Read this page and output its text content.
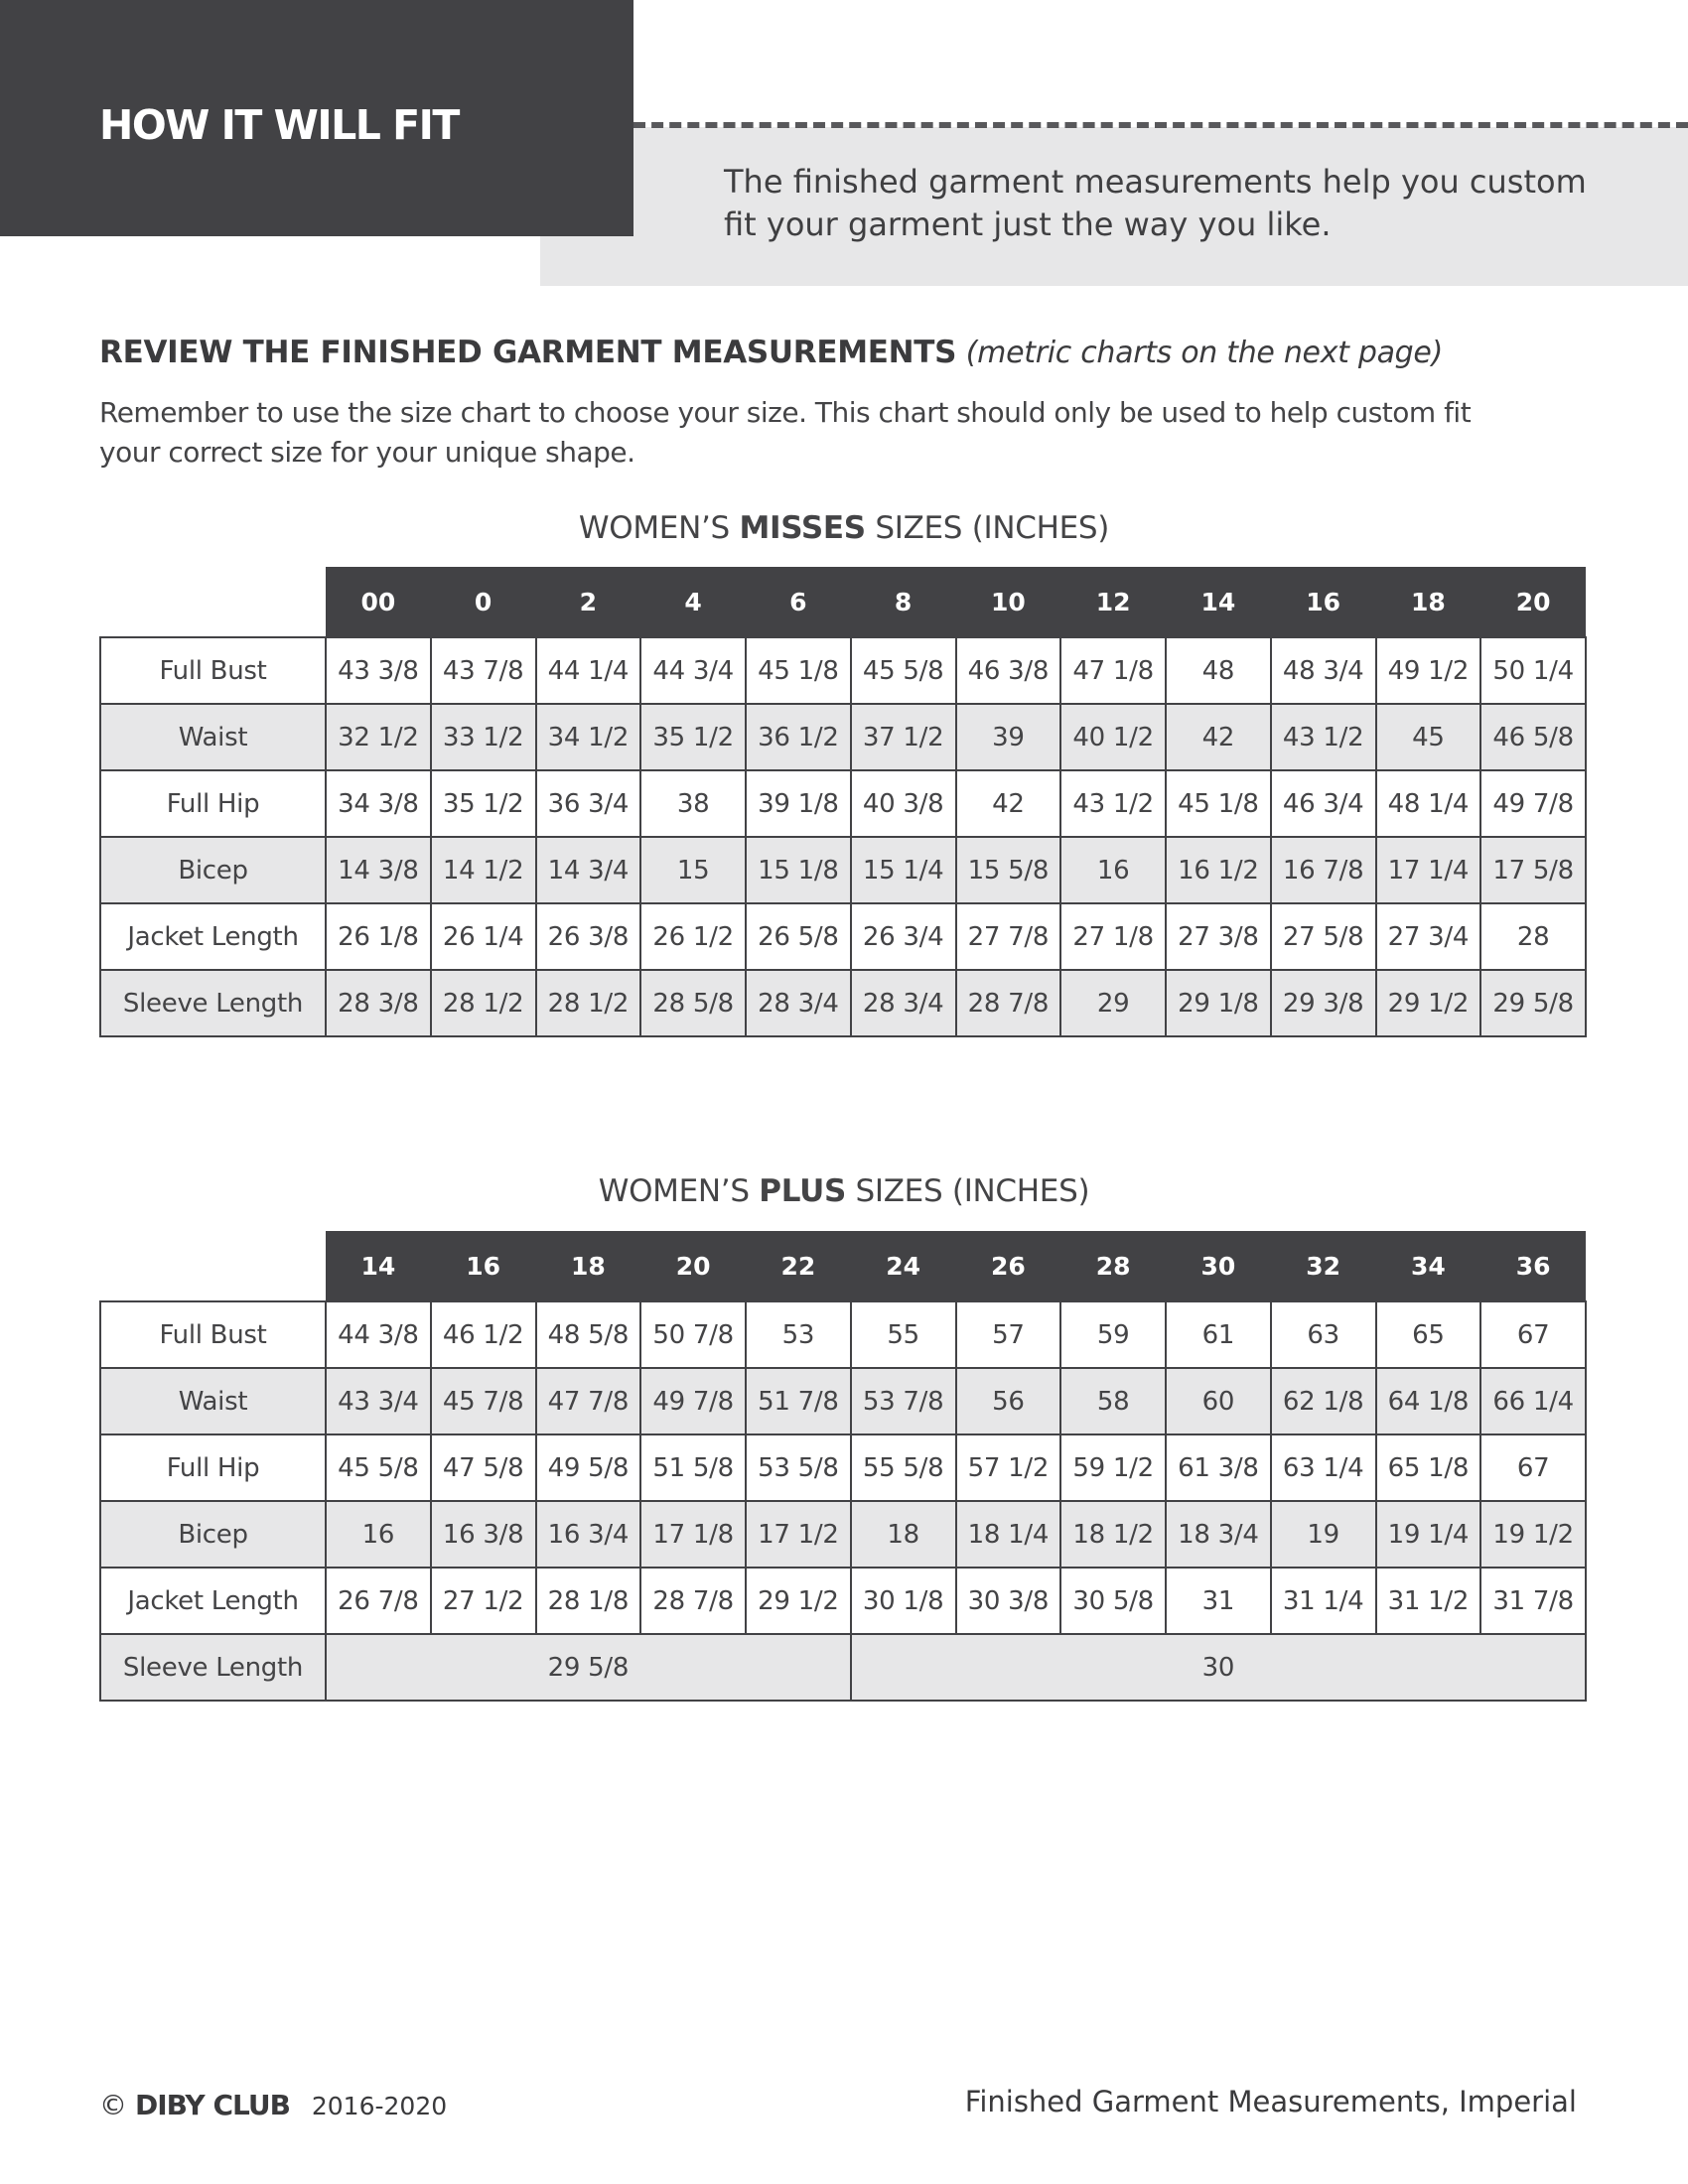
HOW IT WILL FIT
The finished garment measurements help you custom fit your garment just the way you like.
REVIEW THE FINISHED GARMENT MEASUREMENTS (metric charts on the next page)
Remember to use the size chart to choose your size. This chart should only be used to help custom fit your correct size for your unique shape.
WOMEN’S MISSES SIZES (INCHES)
	00	0	2	4	6	8	10	12	14	16	18	20
Full Bust	43 3/8	43 7/8	44 1/4	44 3/4	45 1/8	45 5/8	46 3/8	47 1/8	48	48 3/4	49 1/2	50 1/4
Waist	32 1/2	33 1/2	34 1/2	35 1/2	36 1/2	37 1/2	39	40 1/2	42	43 1/2	45	46 5/8
Full Hip	34 3/8	35 1/2	36 3/4	38	39 1/8	40 3/8	42	43 1/2	45 1/8	46 3/4	48 1/4	49 7/8
Bicep	14 3/8	14 1/2	14 3/4	15	15 1/8	15 1/4	15 5/8	16	16 1/2	16 7/8	17 1/4	17 5/8
Jacket Length	26 1/8	26 1/4	26 3/8	26 1/2	26 5/8	26 3/4	27 7/8	27 1/8	27 3/8	27 5/8	27 3/4	28
Sleeve Length	28 3/8	28 1/2	28 1/2	28 5/8	28 3/4	28 3/4	28 7/8	29	29 1/8	29 3/8	29 1/2	29 5/8
WOMEN’S PLUS SIZES (INCHES)
	14	16	18	20	22	24	26	28	30	32	34	36
Full Bust	44 3/8	46 1/2	48 5/8	50 7/8	53	55	57	59	61	63	65	67
Waist	43 3/4	45 7/8	47 7/8	49 7/8	51 7/8	53 7/8	56	58	60	62 1/8	64 1/8	66 1/4
Full Hip	45 5/8	47 5/8	49 5/8	51 5/8	53 5/8	55 5/8	57 1/2	59 1/2	61 3/8	63 1/4	65 1/8	67
Bicep	16	16 3/8	16 3/4	17 1/8	17 1/2	18	18 1/4	18 1/2	18 3/4	19	19 1/4	19 1/2
Jacket Length	26 7/8	27 1/2	28 1/8	28 7/8	29 1/2	30 1/8	30 3/8	30 5/8	31	31 1/4	31 1/2	31 7/8
Sleeve Length	29 5/8					30						
© DIBY CLUB 2016-2020	Finished Garment Measurements, Imperial
